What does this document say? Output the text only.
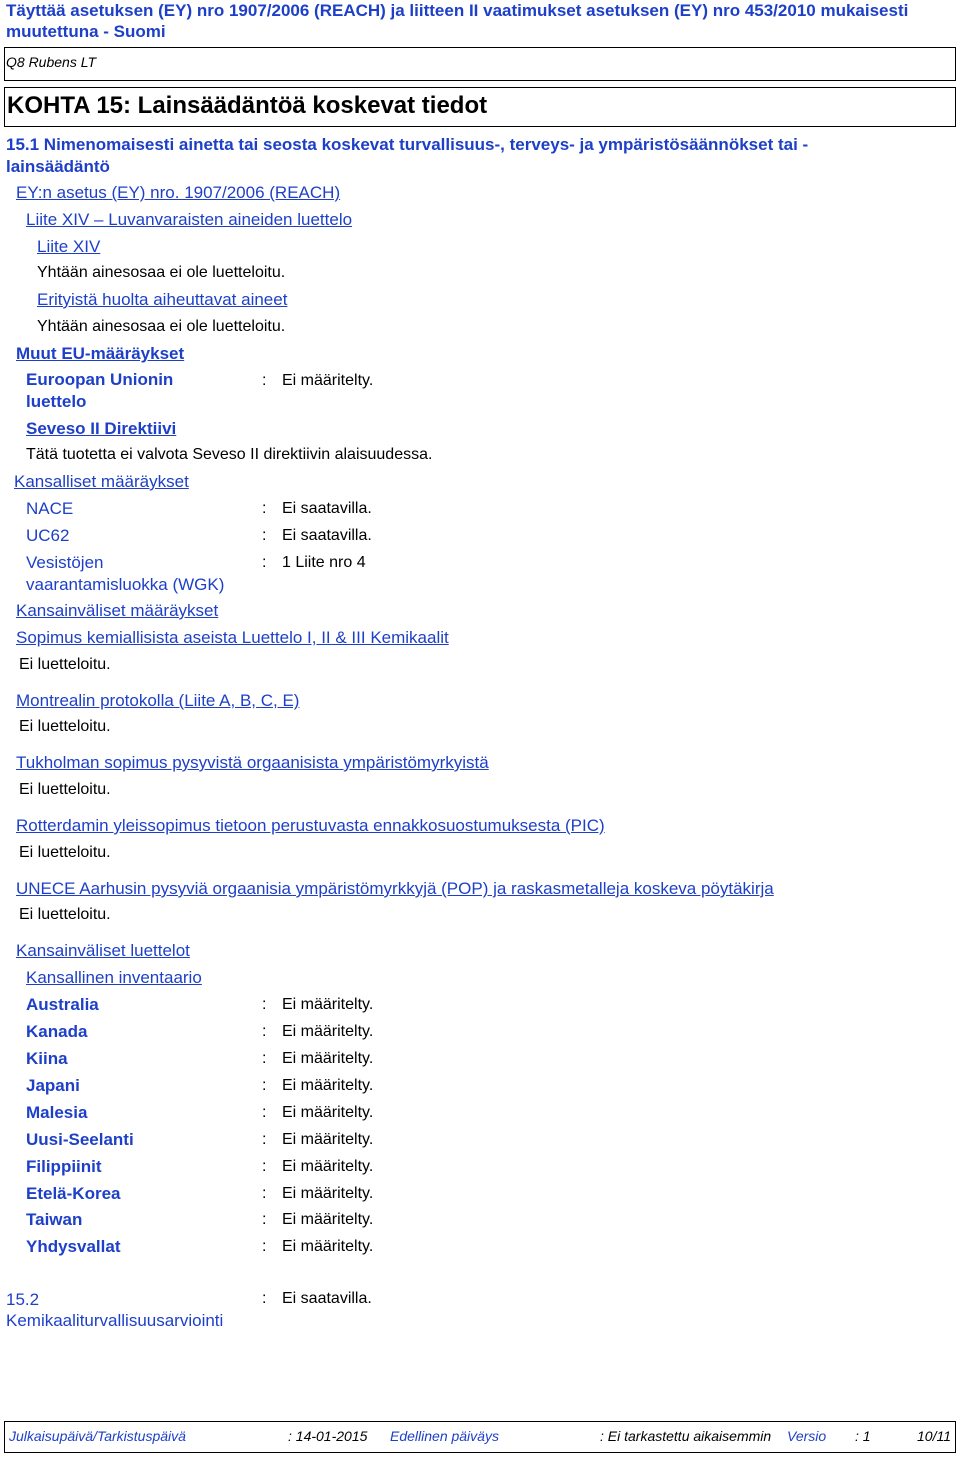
Täyttää asetuksen (EY) nro 1907/2006 (REACH) ja liitteen II vaatimukset asetuksen (EY) nro 453/2010 mukaisesti muutettuna - Suomi
Q8 Rubens LT
KOHTA 15: Lainsäädäntöä koskevat tiedot
15.1 Nimenomaisesti ainetta tai seosta koskevat turvallisuus-, terveys- ja ympäristösäännökset tai -lainsäädäntö
EY:n asetus (EY) nro. 1907/2006 (REACH)
Liite XIV – Luvanvaraisten aineiden luettelo
Liite XIV
Yhtään ainesosaa ei ole luetteloitu.
Erityistä huolta aiheuttavat aineet
Yhtään ainesosaa ei ole luetteloitu.
Muut EU-määräykset
Euroopan Unionin
luettelo
: Ei määritelty.
Seveso II Direktiivi
Tätä tuotetta ei valvota Seveso II direktiivin alaisuudessa.
Kansalliset määräykset
NACE	: Ei saatavilla.
UC62	: Ei saatavilla.
Vesistöjen
vaarantamisluokka (WGK)
: 1 Liite nro 4
Kansainväliset määräykset
Sopimus kemiallisista aseista Luettelo I, II & III Kemikaalit
Ei luetteloitu.
Montrealin protokolla (Liite A, B, C, E)
Ei luetteloitu.
Tukholman sopimus pysyvistä orgaanisista ympäristömyrkyistä
Ei luetteloitu.
Rotterdamin yleissopimus tietoon perustuvasta ennakkosuostumuksesta (PIC)
Ei luetteloitu.
UNECE Aarhusin pysyviä orgaanisia ympäristömyrkkyjä (POP) ja raskasmetalleja koskeva pöytäkirja
Ei luetteloitu.
Kansainväliset luettelot
Kansallinen inventaario
Australia	: Ei määritelty.
Kanada	: Ei määritelty.
Kiina	: Ei määritelty.
Japani	: Ei määritelty.
Malesia	: Ei määritelty.
Uusi-Seelanti	: Ei määritelty.
Filippiinit	: Ei määritelty.
Etelä-Korea	: Ei määritelty.
Taiwan	: Ei määritelty.
Yhdysvallat	: Ei määritelty.
15.2
Kemikaaliturvallisuusarviointi
: Ei saatavilla.
Julkaisupäivä/Tarkistuspäivä	: 14-01-2015 Edellinen päiväys	: Ei tarkastettu aikaisemmin Versio : 1	10/11
